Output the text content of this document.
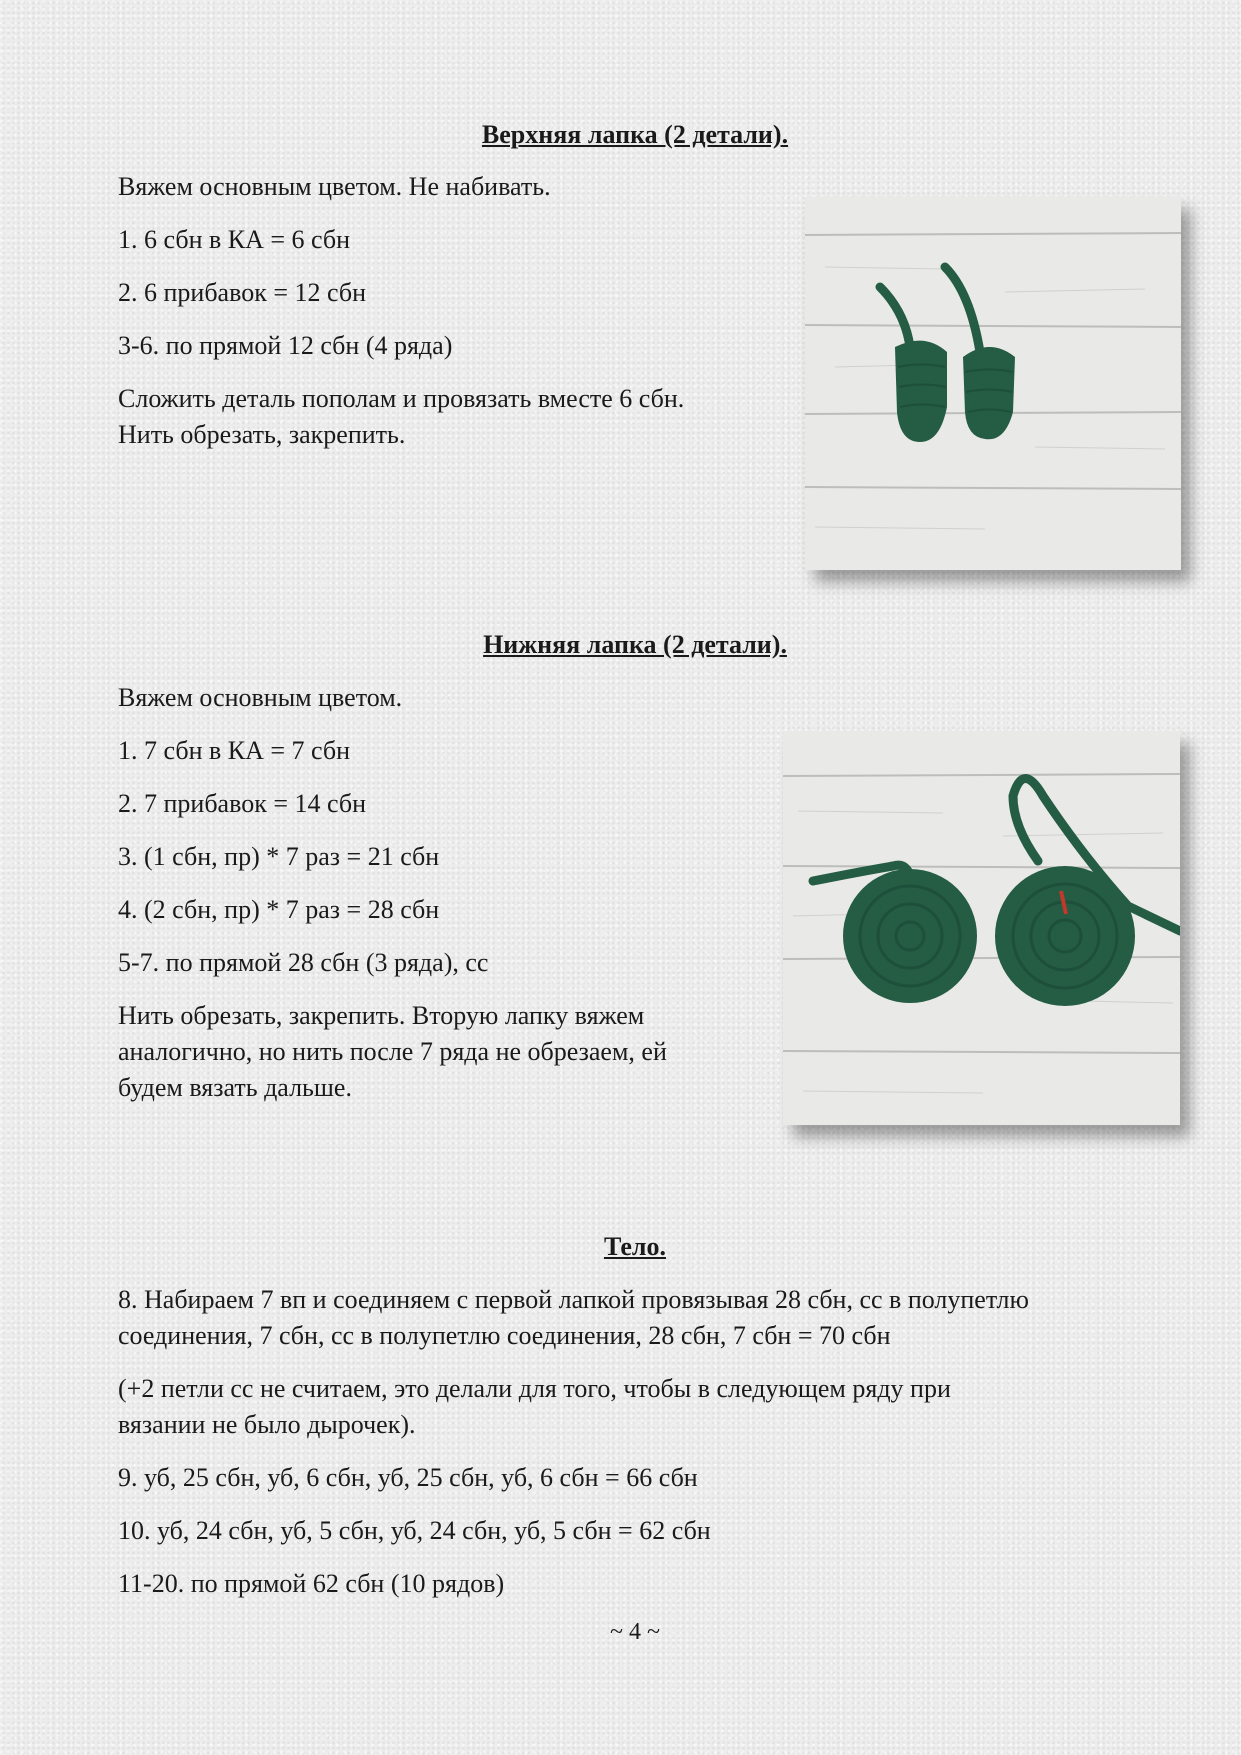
Верхняя лапка (2 детали).
Вяжем основным цветом. Не набивать.
1. 6 сбн в КА = 6 сбн
2. 6 прибавок = 12 сбн
3-6. по прямой 12 сбн (4 ряда)
Сложить деталь пополам и провязать вместе 6 сбн.
Нить обрезать, закрепить.
Нижняя лапка (2 детали).
Вяжем основным цветом.
1. 7 сбн в КА = 7 сбн
2. 7 прибавок = 14 сбн
3. (1 сбн, пр) * 7 раз = 21 сбн
4. (2 сбн, пр) * 7 раз = 28 сбн
5-7. по прямой 28 сбн (3 ряда), сс
Нить обрезать, закрепить. Вторую лапку вяжем
аналогично, но нить после 7 ряда не обрезаем, ей
будем вязать дальше.
Тело.
8. Набираем 7 вп и соединяем с первой лапкой провязывая 28 сбн, сс в полупетлю
соединения, 7 сбн, сс в полупетлю соединения, 28 сбн, 7 сбн = 70 сбн
(+2 петли сс не считаем, это делали для того, чтобы в следующем ряду при
вязании не было дырочек).
9. уб, 25 сбн, уб, 6 сбн, уб, 25 сбн, уб, 6 сбн = 66 сбн
10. уб, 24 сбн, уб, 5 сбн, уб, 24 сбн, уб, 5 сбн = 62 сбн
11-20. по прямой 62 сбн (10 рядов)
~ 4 ~
